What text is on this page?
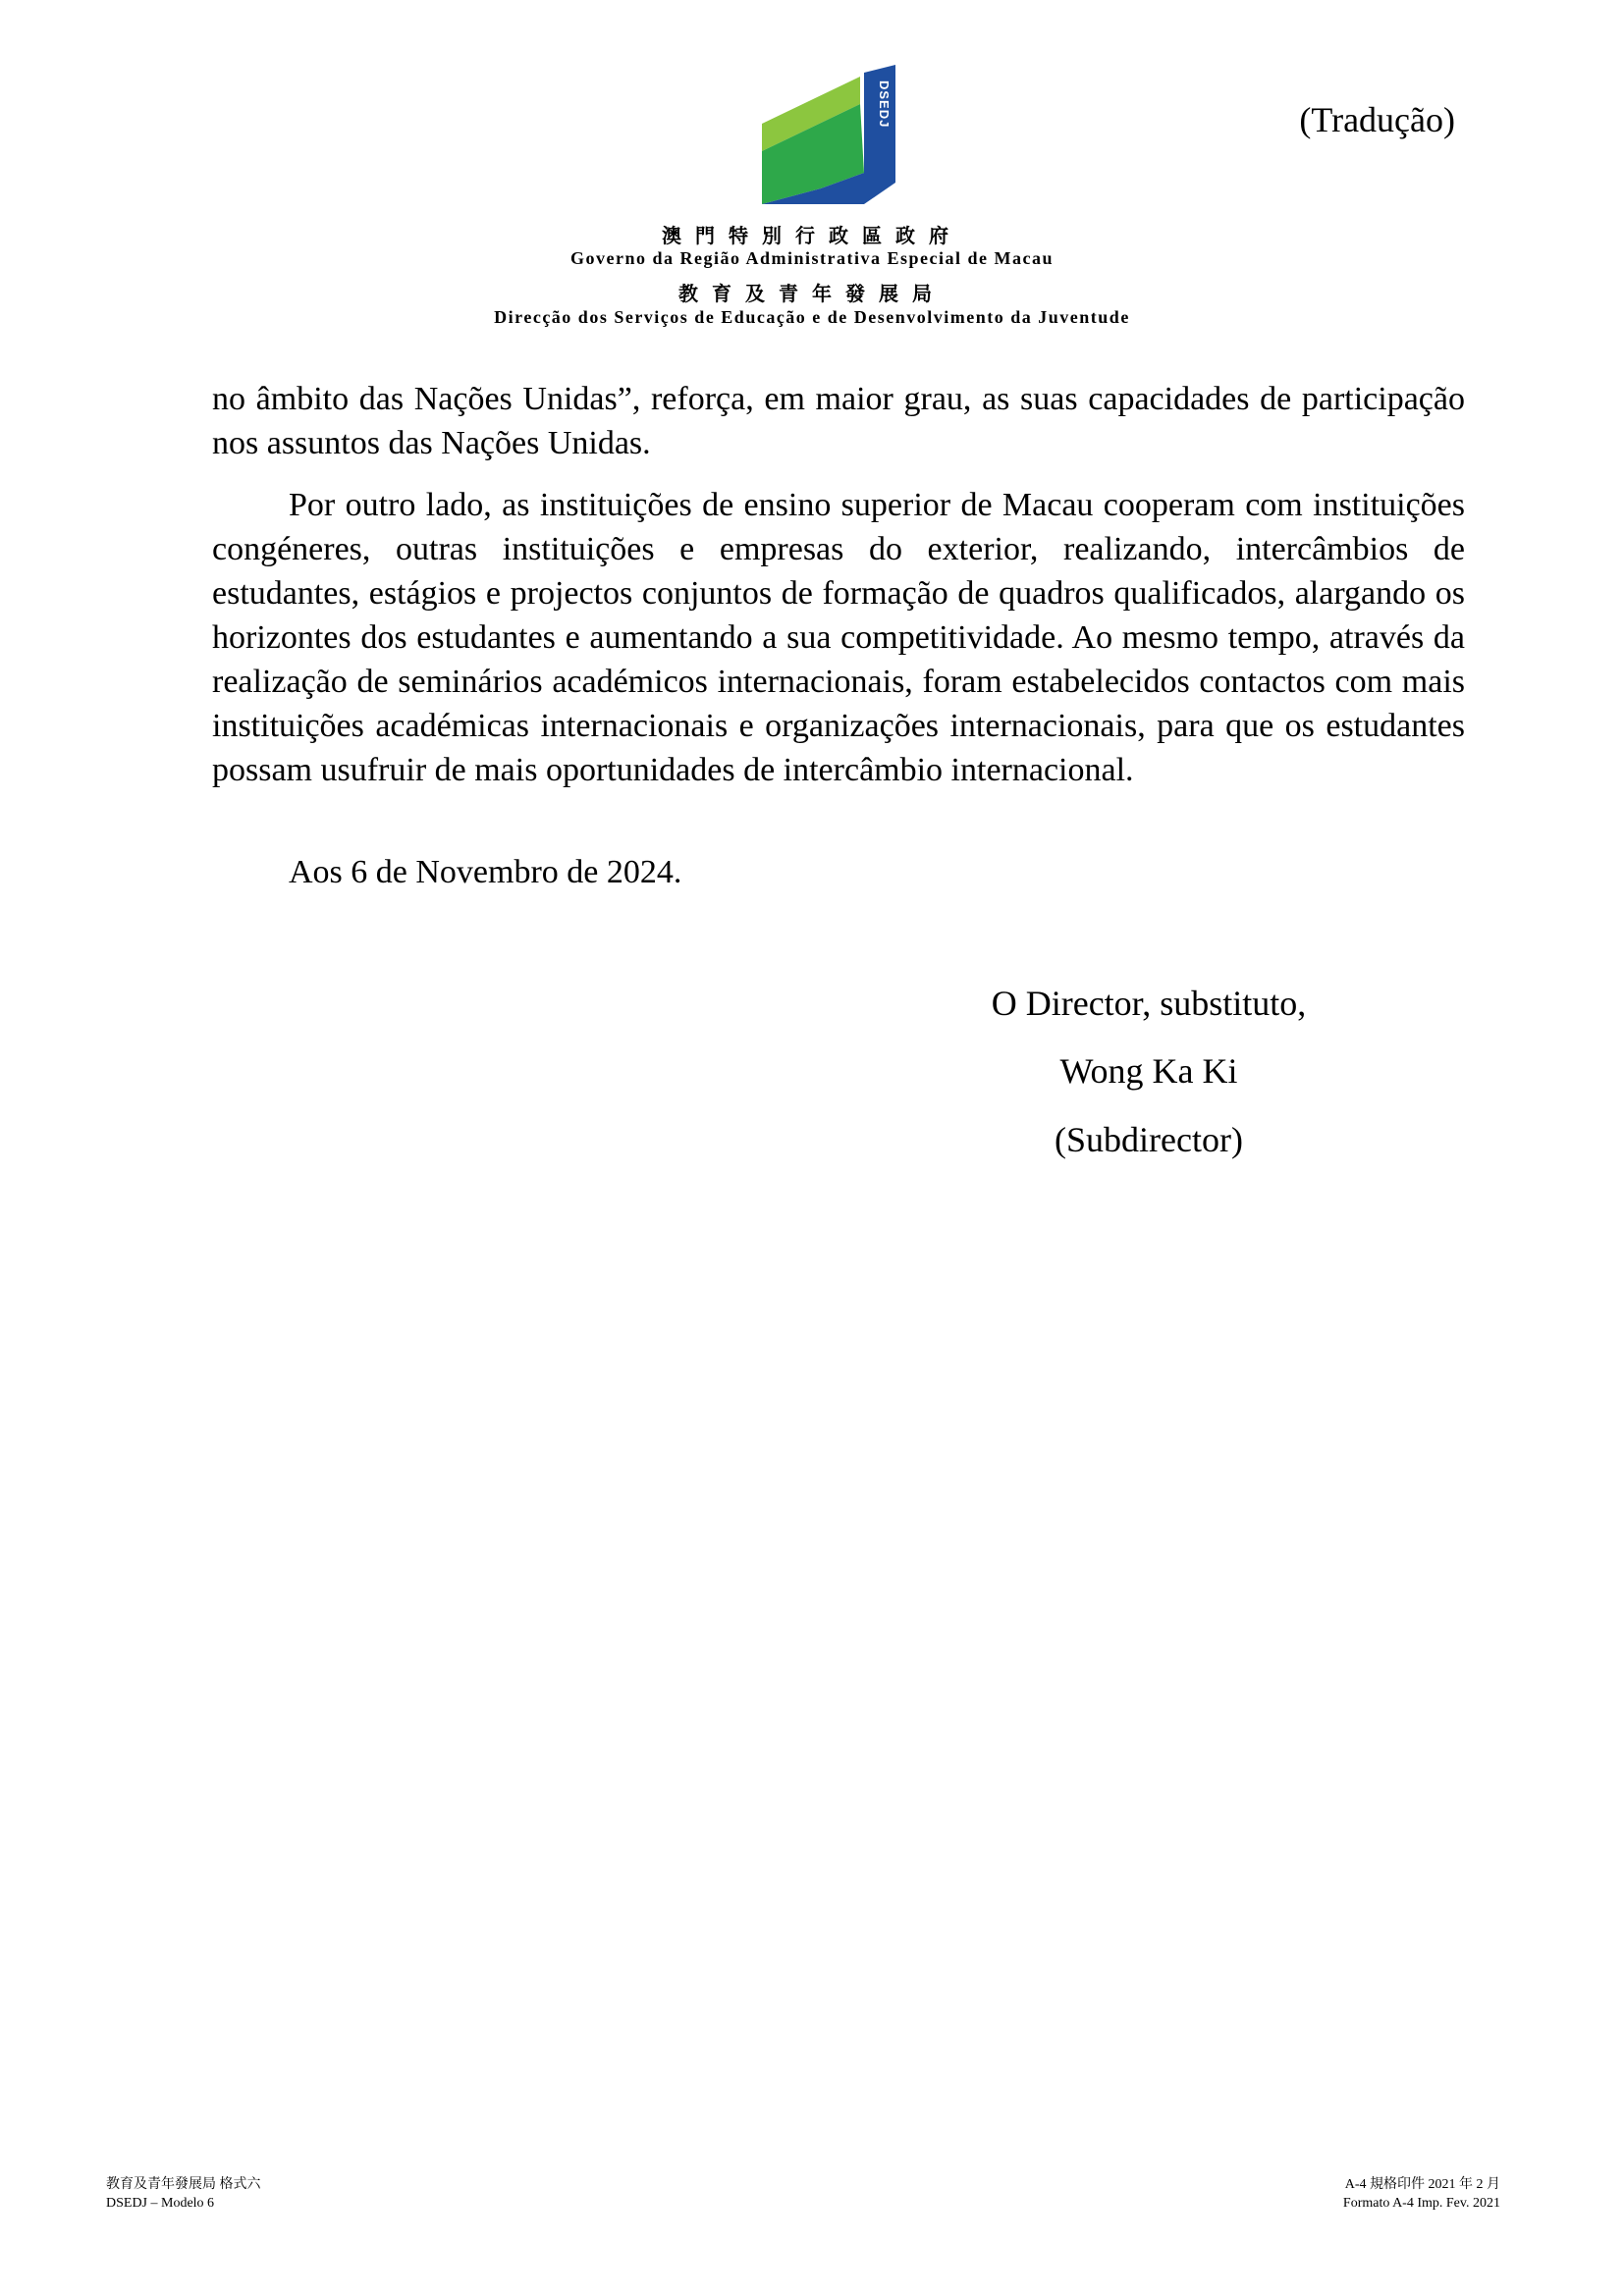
DSEDJ	(Tradução)
澳門特別行政區政府
Governo da Região Administrativa Especial de Macau
教育及青年發展局
Direcção dos Serviços de Educação e de Desenvolvimento da Juventude
no âmbito das Nações Unidas”, reforça, em maior grau, as suas capacidades de participação nos assuntos das Nações Unidas.
Por outro lado, as instituições de ensino superior de Macau cooperam com instituições congéneres, outras instituições e empresas do exterior, realizando, intercâmbios de estudantes, estágios e projectos conjuntos de formação de quadros qualificados, alargando os horizontes dos estudantes e aumentando a sua competitividade. Ao mesmo tempo, através da realização de seminários académicos internacionais, foram estabelecidos contactos com mais instituições académicas internacionais e organizações internacionais, para que os estudantes possam usufruir de mais oportunidades de intercâmbio internacional.
Aos 6 de Novembro de 2024.
O Director, substituto,
Wong Ka Ki
(Subdirector)
教育及青年發展局 格式六
DSEDJ – Modelo 6
A-4 規格印件 2021 年 2 月
Formato A-4 Imp. Fev. 2021
